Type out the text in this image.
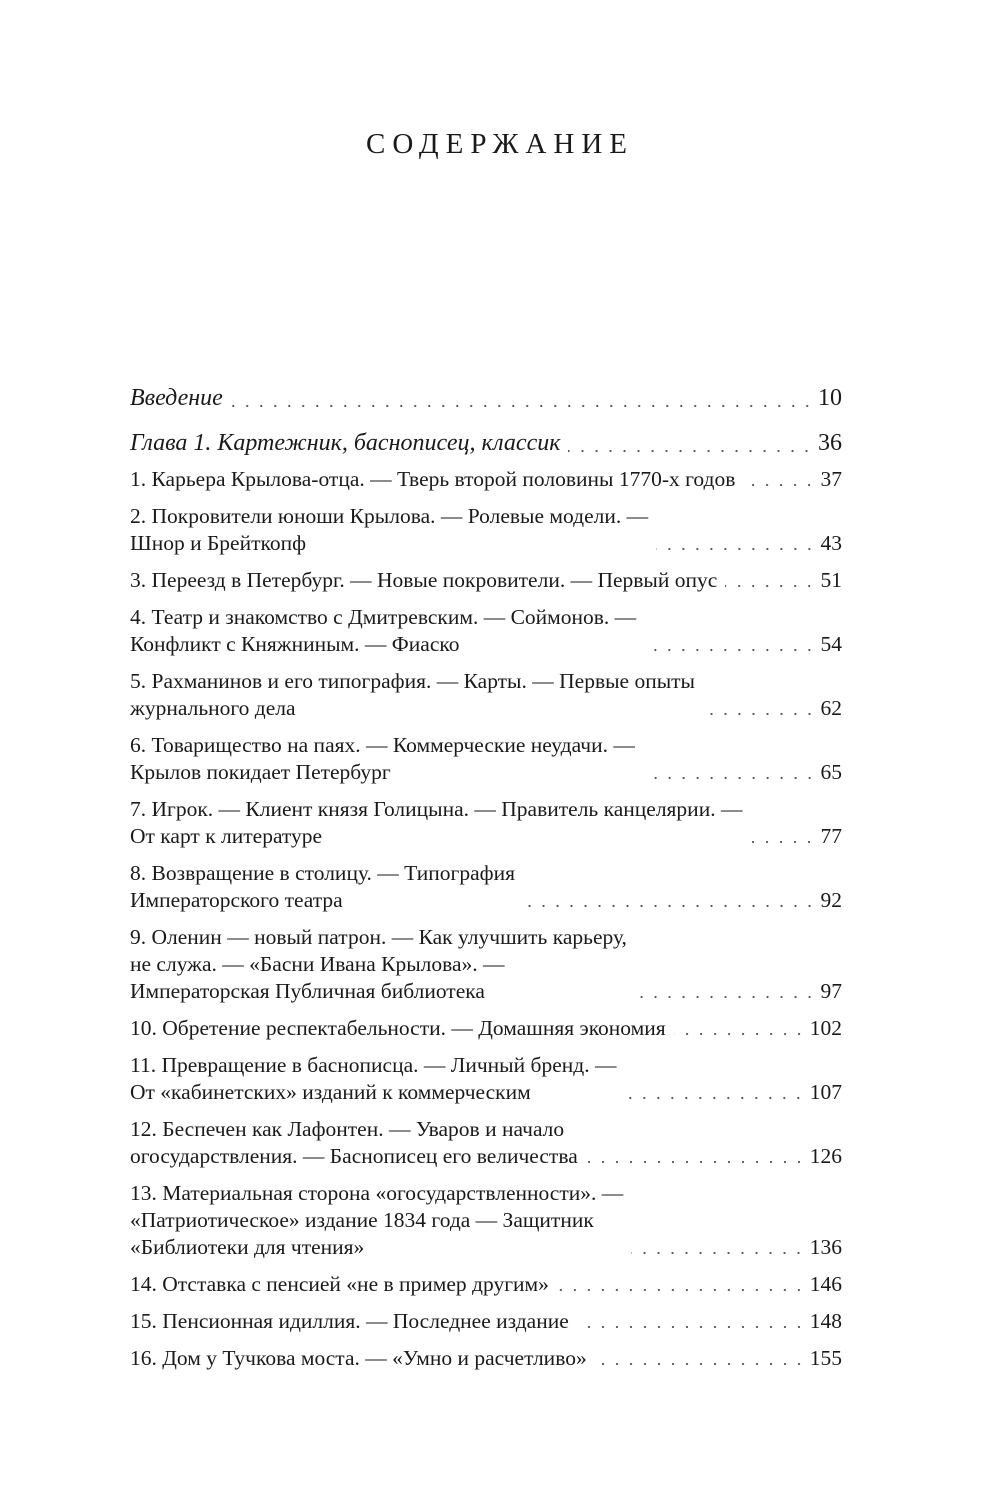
СОДЕРЖАНИЕ
Введение	10
Глава 1. Картежник, баснописец, классик	36
1. Карьера Крылова-отца. — Тверь второй половины 1770-х годов	37
2. Покровители юноши Крылова. — Ролевые модели. —
Шнор и Брейткопф	43
3. Переезд в Петербург. — Новые покровители. — Первый опус	51
4. Театр и знакомство с Дмитревским. — Соймонов. —
Конфликт с Княжниным. — Фиаско	54
5. Рахманинов и его типография. — Карты. — Первые опыты
журнального дела	62
6. Товарищество на паях. — Коммерческие неудачи. —
Крылов покидает Петербург	65
7. Игрок. — Клиент князя Голицына. — Правитель канцелярии. —
От карт к литературе	77
8. Возвращение в столицу. — Типография
Императорского театра	92
9. Оленин — новый патрон. — Как улучшить карьеру,
не служа. — «Басни Ивана Крылова». —
Императорская Публичная библиотека	97
10. Обретение респектабельности. — Домашняя экономия	102
11. Превращение в баснописца. — Личный бренд. —
От «кабинетских» изданий к коммерческим	107
12. Беспечен как Лафонтен. — Уваров и начало
огосударствления. — Баснописец его величества	126
13. Материальная сторона «огосударствленности». —
«Патриотическое» издание 1834 года — Защитник
«Библиотеки для чтения»	136
14. Отставка с пенсией «не в пример другим»	146
15. Пенсионная идиллия. — Последнее издание	148
16. Дом у Тучкова моста. — «Умно и расчетливо»	155
